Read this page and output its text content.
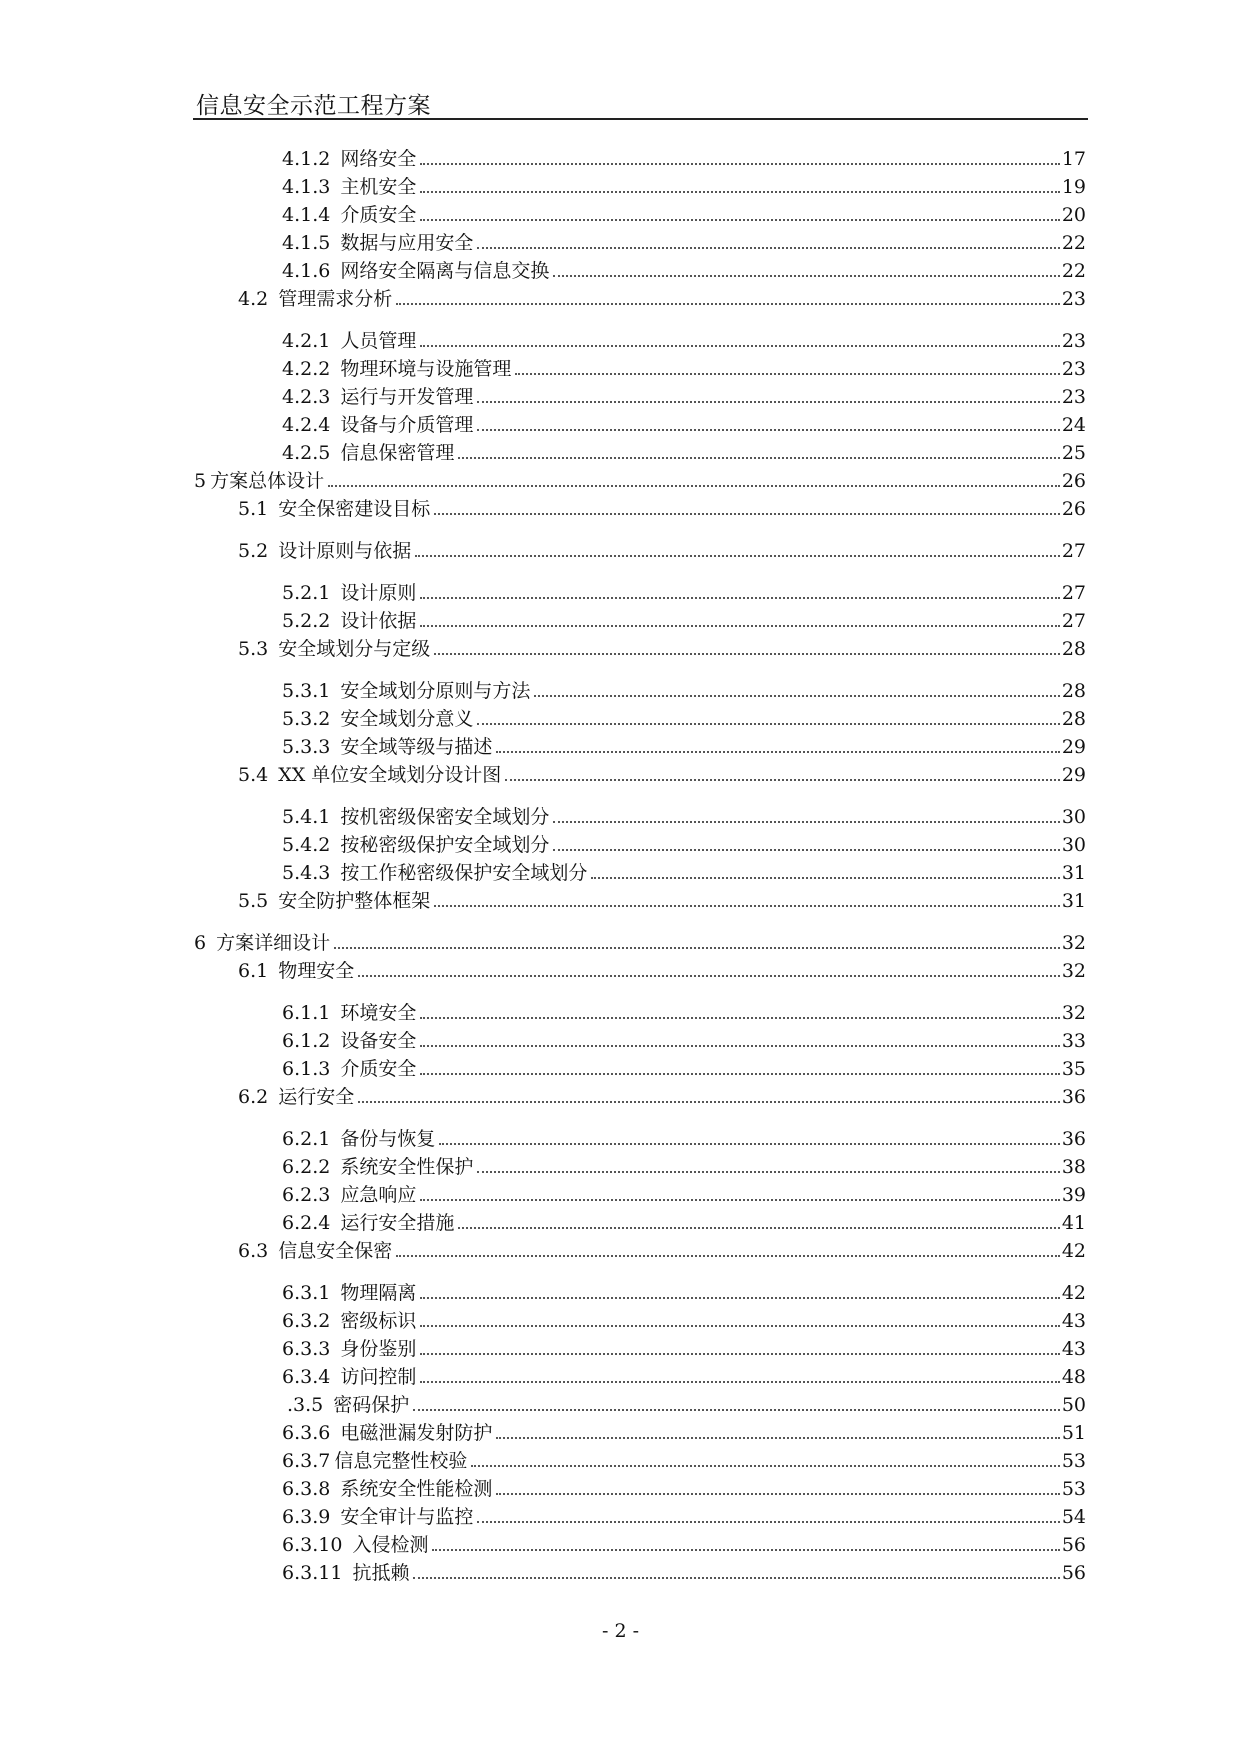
信息安全示范工程方案
4.1.2 网络安全	17
4.1.3 主机安全	19
4.1.4 介质安全	20
4.1.5 数据与应用安全	22
4.1.6 网络安全隔离与信息交换	22
4.2 管理需求分析	23
4.2.1 人员管理	23
4.2.2 物理环境与设施管理	23
4.2.3 运行与开发管理	23
4.2.4 设备与介质管理	24
4.2.5 信息保密管理	25
5 方案总体设计	26
5.1 安全保密建设目标	26
5.2 设计原则与依据	27
5.2.1 设计原则	27
5.2.2 设计依据	27
5.3 安全域划分与定级	28
5.3.1 安全域划分原则与方法	28
5.3.2 安全域划分意义	28
5.3.3 安全域等级与描述	29
5.4 XX 单位安全域划分设计图	29
5.4.1 按机密级保密安全域划分	30
5.4.2 按秘密级保护安全域划分	30
5.4.3 按工作秘密级保护安全域划分	31
5.5 安全防护整体框架	31
6 方案详细设计	32
6.1 物理安全	32
6.1.1 环境安全	32
6.1.2 设备安全	33
6.1.3 介质安全	35
6.2 运行安全	36
6.2.1 备份与恢复	36
6.2.2 系统安全性保护	38
6.2.3 应急响应	39
6.2.4 运行安全措施	41
6.3 信息安全保密	42
6.3.1 物理隔离	42
6.3.2 密级标识	43
6.3.3 身份鉴别	43
6.3.4 访问控制	48
.3.5 密码保护	50
6.3.6 电磁泄漏发射防护	51
6.3.7 信息完整性校验	53
6.3.8 系统安全性能检测	53
6.3.9 安全审计与监控	54
6.3.10 入侵检测	56
6.3.11 抗抵赖	56
- 2 -
